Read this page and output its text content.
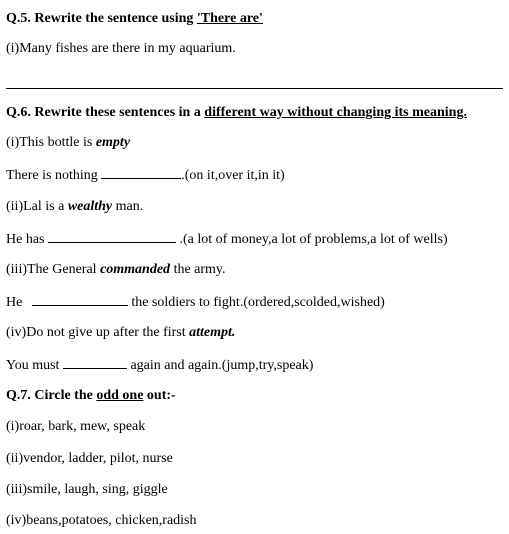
Q.5. Rewrite the sentence using 'There are'
(i)Many fishes are there in my aquarium.
Q.6. Rewrite these sentences in a different way without changing its meaning.
(i)This bottle is empty
There is nothing	.(on it,over it,in it)
(ii)Lal is a wealthy man.
He has	.(a lot of money,a lot of problems,a lot of wells)
(iii)The General commanded the army.
He	the soldiers to fight.(ordered,scolded,wished)
(iv)Do not give up after the first attempt.
You must	again and again.(jump,try,speak)
Q.7. Circle the odd one out:-
(i)roar, bark, mew, speak
(ii)vendor, ladder, pilot, nurse
(iii)smile, laugh, sing, giggle
(iv)beans,potatoes, chicken,radish
